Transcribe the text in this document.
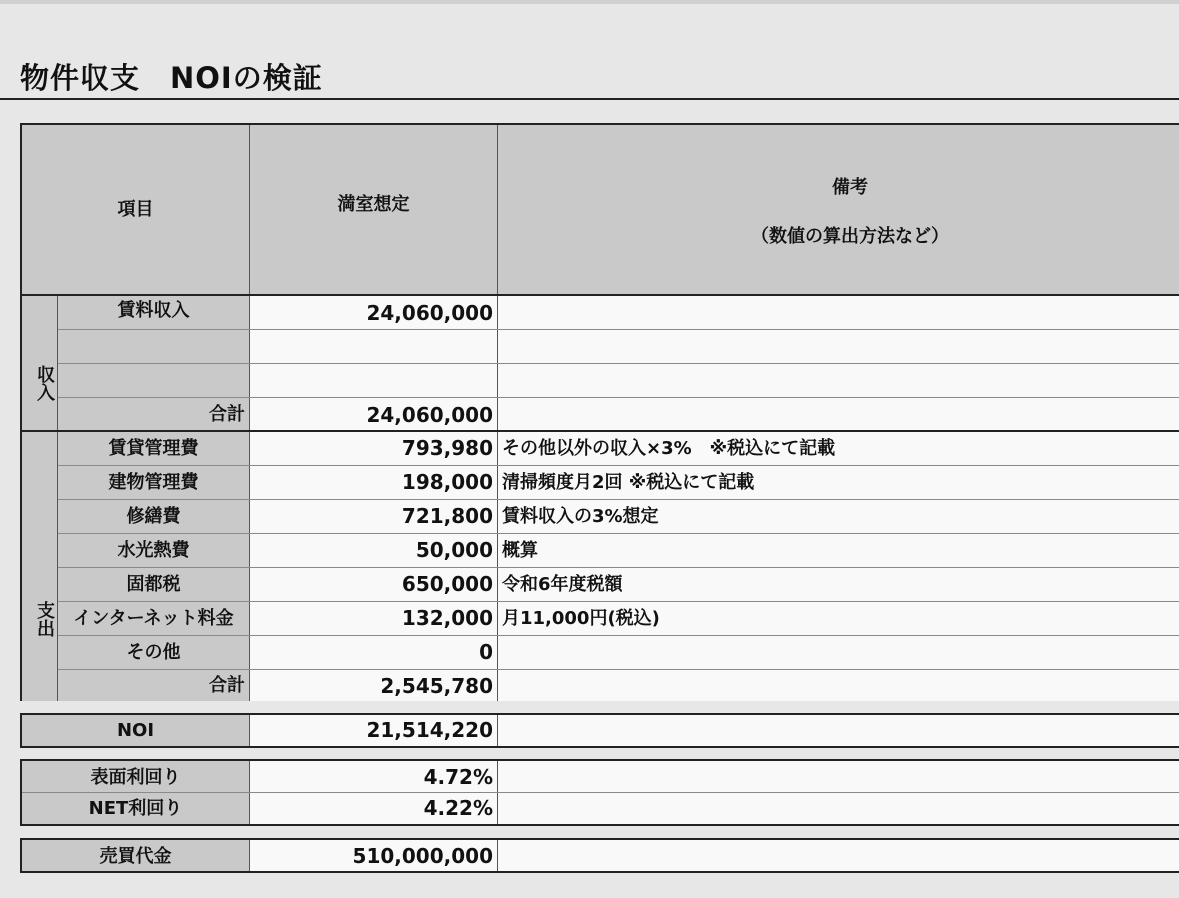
物件収支　NOIの検証
項目	満室想定
備考
（数値の算出方法など）
収入
賃料収入	24,060,000
合計	24,060,000
支出
賃貸管理費	793,980 その他以外の収入×3%　※税込にて記載
建物管理費	198,000 清掃頻度月2回 ※税込にて記載
修繕費	721,800 賃料収入の3%想定
水光熱費	50,000 概算
固都税	650,000 令和6年度税額
インターネット料金	132,000 月11,000円(税込)
その他	0
合計	2,545,780
NOI	21,514,220
表面利回り	4.72%
NET利回り	4.22%
売買代金	510,000,000
